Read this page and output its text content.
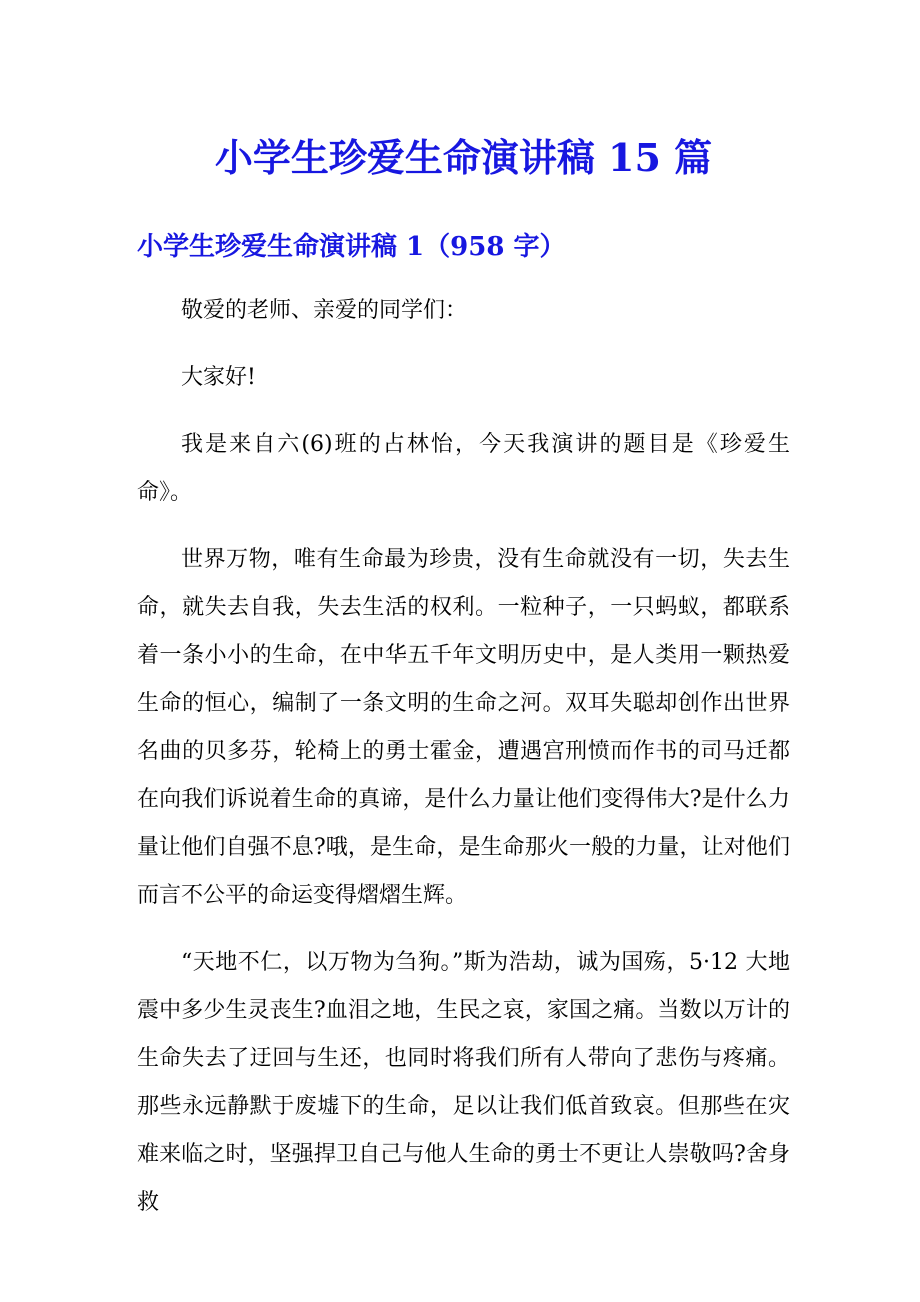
小学生珍爱生命演讲稿 15 篇
小学生珍爱生命演讲稿 1（958 字）

敬爱的老师、亲爱的同学们：

大家好!

我是来自六(6)班的占林怡，今天我演讲的题目是《珍爱生命》。

世界万物，唯有生命最为珍贵，没有生命就没有一切，失去生命，就失去自我，失去生活的权利。一粒种子，一只蚂蚁，都联系着一条小小的生命，在中华五千年文明历史中，是人类用一颗热爱生命的恒心，编制了一条文明的生命之河。双耳失聪却创作出世界名曲的贝多芬，轮椅上的勇士霍金，遭遇宫刑愤而作书的司马迁都在向我们诉说着生命的真谛，是什么力量让他们变得伟大?是什么力量让他们自强不息?哦，是生命，是生命那火一般的力量，让对他们而言不公平的命运变得熠熠生辉。

“天地不仁，以万物为刍狗。”斯为浩劫，诚为国殇，5·12 大地震中多少生灵丧生?血泪之地，生民之哀，家国之痛。当数以万计的生命失去了迂回与生还，也同时将我们所有人带向了悲伤与疼痛。那些永远静默于废墟下的生命，足以让我们低首致哀。但那些在灾难来临之时，坚强捍卫自己与他人生命的勇士不更让人崇敬吗?舍身救
